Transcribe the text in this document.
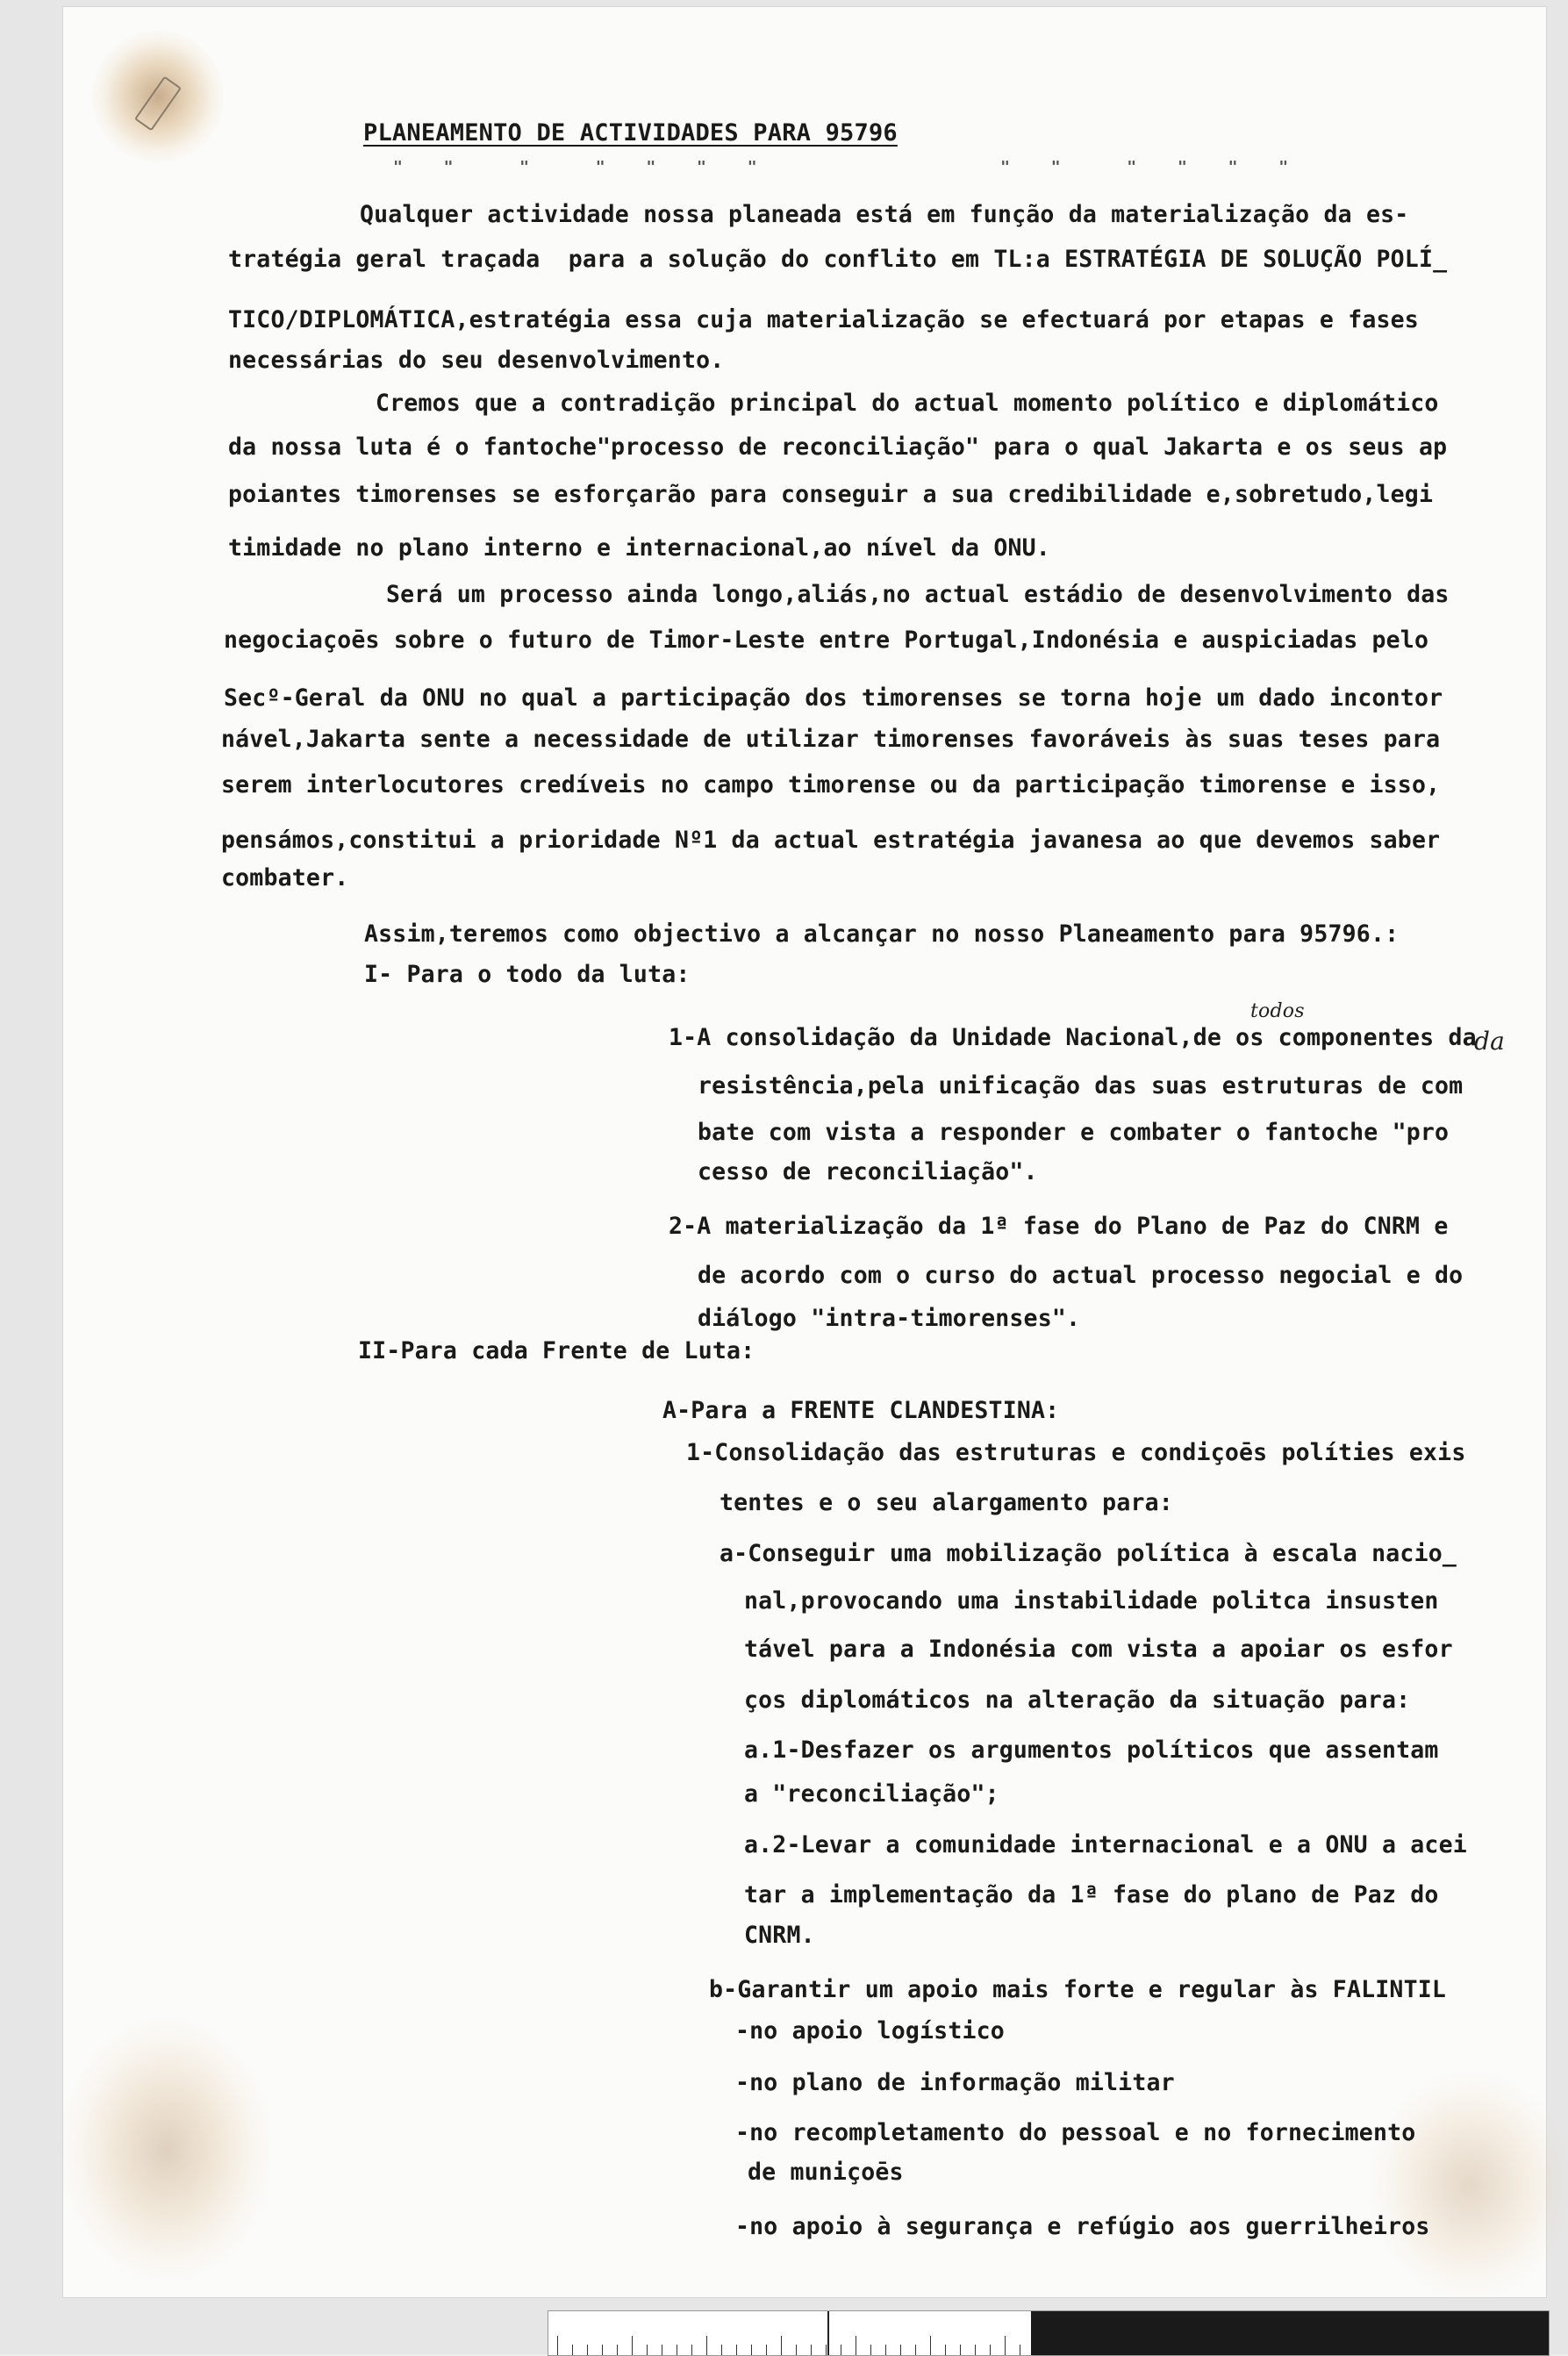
PLANEAMENTO DE ACTIVIDADES PARA 95796
" "  "  " " " "         " "  " " " "
Qualquer actividade nossa planeada está em função da materialização da es-
tratégia geral traçada  para a solução do conflito em TL:a ESTRATÉGIA DE SOLUÇÃO POLÍ_
TICO/DIPLOMÁTICA,estratégia essa cuja materialização se efectuará por etapas e fases
necessárias do seu desenvolvimento.
Cremos que a contradição principal do actual momento político e diplomático
da nossa luta é o fantoche"processo de reconciliação" para o qual Jakarta e os seus ap
poiantes timorenses se esforçarão para conseguir a sua credibilidade e,sobretudo,legi
timidade no plano interno e internacional,ao nível da ONU.
Será um processo ainda longo,aliás,no actual estádio de desenvolvimento das
negociaçoēs sobre o futuro de Timor-Leste entre Portugal,Indonésia e auspiciadas pelo
Secº-Geral da ONU no qual a participação dos timorenses se torna hoje um dado incontor
nável,Jakarta sente a necessidade de utilizar timorenses favoráveis às suas teses para
serem interlocutores credíveis no campo timorense ou da participação timorense e isso,
pensámos,constitui a prioridade Nº1 da actual estratégia javanesa ao que devemos saber
combater.
Assim,teremos como objectivo a alcançar no nosso Planeamento para 95796.:
I- Para o todo da luta:
todos
1-A consolidação da Unidade Nacional,de os componentes da
da
resistência,pela unificação das suas estruturas de com
bate com vista a responder e combater o fantoche "pro
cesso de reconciliação".
2-A materialização da 1ª fase do Plano de Paz do CNRM e
de acordo com o curso do actual processo negocial e do
diálogo "intra-timorenses".
II-Para cada Frente de Luta:
A-Para a FRENTE CLANDESTINA:
1-Consolidação das estruturas e condiçoēs políties exis
tentes e o seu alargamento para:
a-Conseguir uma mobilização política à escala nacio_
nal,provocando uma instabilidade politca insusten
tável para a Indonésia com vista a apoiar os esfor
ços diplomáticos na alteração da situação para:
a.1-Desfazer os argumentos políticos que assentam
a "reconciliação";
a.2-Levar a comunidade internacional e a ONU a acei
tar a implementação da 1ª fase do plano de Paz do
CNRM.
b-Garantir um apoio mais forte e regular às FALINTIL
-no apoio logístico
-no plano de informação militar
-no recompletamento do pessoal e no fornecimento
de muniçoēs
-no apoio à segurança e refúgio aos guerrilheiros
